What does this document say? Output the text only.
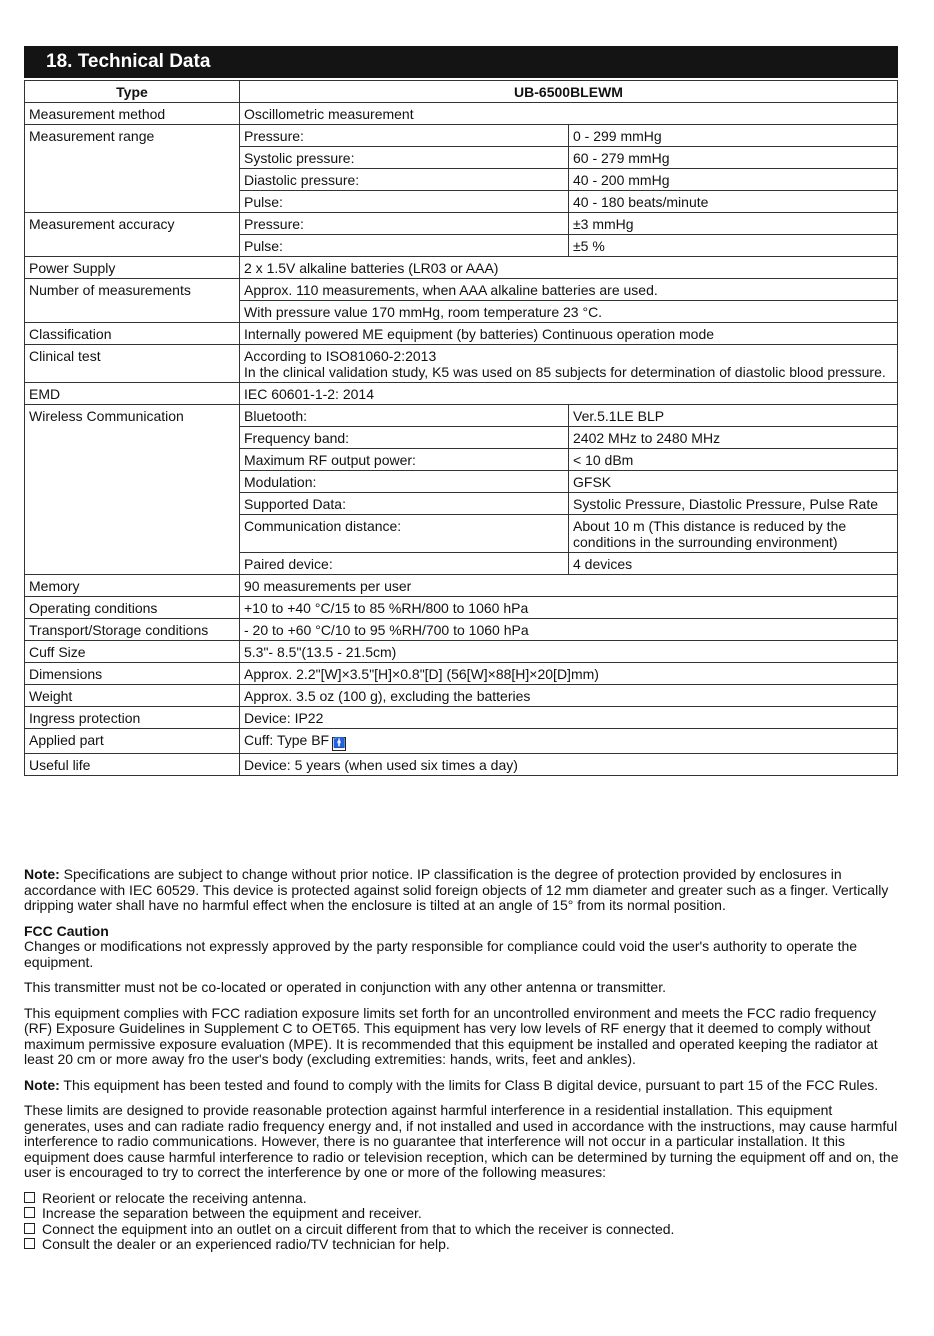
18. Technical Data
Type	UB-6500BLEWM	
Measurement method	Oscillometric measurement	
Measurement range	Pressure:	0 - 299 mmHg
	Systolic pressure:	60 - 279 mmHg
	Diastolic pressure:	40 - 200 mmHg
	Pulse:	40 - 180 beats/minute
Measurement accuracy	Pressure:	±3 mmHg
	Pulse:	±5 %
Power Supply	2 x 1.5V alkaline batteries (LR03 or AAA)	
Number of measurements	Approx. 110 measurements, when AAA alkaline batteries are used.	
	With pressure value 170 mmHg, room temperature 23 °C.	
Classification	Internally powered ME equipment (by batteries) Continuous operation mode	
Clinical test	According to ISO81060-2:2013
In the clinical validation study, K5 was used on 85 subjects for determination of diastolic blood pressure.	

EMD	IEC 60601-1-2: 2014	
Wireless Communication	Bluetooth:	Ver.5.1LE BLP
	Frequency band:	2402 MHz to 2480 MHz
	Maximum RF output power:	< 10 dBm
	Modulation:	GFSK
	Supported Data:	Systolic Pressure, Diastolic Pressure, Pulse Rate
	Communication distance:	About 10 m (This distance is reduced by the conditions in the surrounding environment)
	Paired device:	4 devices
Memory	90 measurements per user	
Operating conditions	+10 to +40 °C/15 to 85 %RH/800 to 1060 hPa	
Transport/Storage conditions	- 20 to +60 °C/10 to 95 %RH/700 to 1060 hPa	
Cuff Size	5.3"- 8.5"(13.5 - 21.5cm)	
Dimensions	Approx. 2.2"[W]×3.5"[H]×0.8"[D] (56[W]×88[H]×20[D]mm)	
Weight	Approx. 3.5 oz (100 g), excluding the batteries	
Ingress protection	Device: IP22	
Applied part	Cuff: Type BF 🚹	
Useful life	Device: 5 years (when used six times a day)	

Note: Specifications are subject to change without prior notice. IP classification is the degree of protection provided by enclosures in accordance with IEC 60529. This device is protected against solid foreign objects of 12 mm diameter and greater such as a finger. Vertically dripping water shall have no harmful effect when the enclosure is tilted at an angle of 15° from its normal position.

FCC Caution

Changes or modifications not expressly approved by the party responsible for compliance could void the user's authority to operate the equipment.

This transmitter must not be co-located or operated in conjunction with any other antenna or transmitter.

This equipment complies with FCC radiation exposure limits set forth for an uncontrolled environment and meets the FCC radio frequency (RF) Exposure Guidelines in Supplement C to OET65. This equipment has very low levels of RF energy that it deemed to comply without maximum permissive exposure evaluation (MPE). It is recommended that this equipment be installed and operated keeping the radiator at least 20 cm or more away fro the user's body (excluding extremities: hands, writs, feet and ankles).

Note: This equipment has been tested and found to comply with the limits for Class B digital device, pursuant to part 15 of the FCC Rules.

These limits are designed to provide reasonable protection against harmful interference in a residential installation. This equipment generates, uses and can radiate radio frequency energy and, if not installed and used in accordance with the instructions, may cause harmful interference to radio communications. However, there is no guarantee that interference will not occur in a particular installation. It this equipment does cause harmful interference to radio or television reception, which can be determined by turning the equipment off and on, the user is encouraged to try to correct the interference by one or more of the following measures:

Reorient or relocate the receiving antenna.
Increase the separation between the equipment and receiver.
Connect the equipment into an outlet on a circuit different from that to which the receiver is connected.
Consult the dealer or an experienced radio/TV technician for help.
